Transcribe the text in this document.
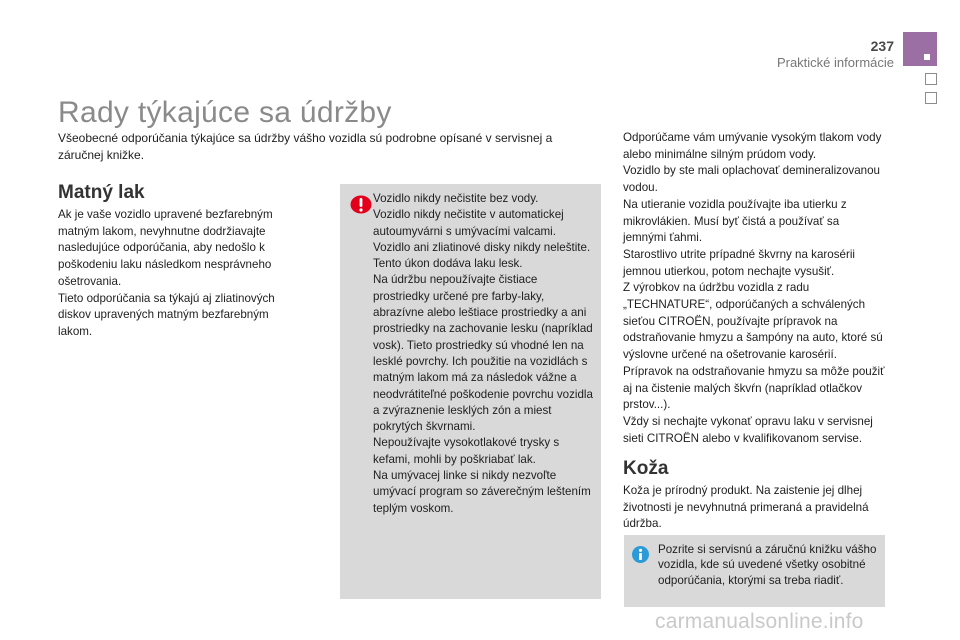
237
Praktické informácie
Rady týkajúce sa údržby

Všeobecné odporúčania týkajúce sa údržby vášho vozidla sú podrobne opísané v servisnej a záručnej knižke.

Matný lak

Ak je vaše vozidlo upravené bezfarebným matným lakom, nevyhnutne dodržiavajte nasledujúce odporúčania, aby nedošlo k poškodeniu laku následkom nesprávneho ošetrovania.
Tieto odporúčania sa týkajú aj zliatinových diskov upravených matným bezfarebným lakom.

Vozidlo nikdy nečistite bez vody.
Vozidlo nikdy nečistite v automatickej autoumyvárni s umývacími valcami.
Vozidlo ani zliatinové disky nikdy neleštite. Tento úkon dodáva laku lesk.
Na údržbu nepoužívajte čistiace prostriedky určené pre farby-laky, abrazívne alebo leštiace prostriedky a ani prostriedky na zachovanie lesku (napríklad vosk). Tieto prostriedky sú vhodné len na lesklé povrchy. Ich použitie na vozidlách s matným lakom má za následok vážne a neodvrátiteľné poškodenie povrchu vozidla a zvýraznenie lesklých zón a miest pokrytých škvrnami.
Nepoužívajte vysokotlakové trysky s kefami, mohli by poškriabať lak.
Na umývacej linke si nikdy nezvoľte umývací program so záverečným leštením teplým voskom.

Odporúčame vám umývanie vysokým tlakom vody alebo minimálne silným prúdom vody.
Vozidlo by ste mali oplachovať demineralizovanou vodou.
Na utieranie vozidla používajte iba utierku z mikrovlákien. Musí byť čistá a používať sa jemnými ťahmi.
Starostlivo utrite prípadné škvrny na karosérii jemnou utierkou, potom nechajte vysušiť.
Z výrobkov na údržbu vozidla z radu „TECHNATURE“, odporúčaných a schválených sieťou CITROËN, používajte prípravok na odstraňovanie hmyzu a šampóny na auto, ktoré sú výslovne určené na ošetrovanie karosérií.
Prípravok na odstraňovanie hmyzu sa môže použiť aj na čistenie malých škvŕn (napríklad otlačkov prstov...).
Vždy si nechajte vykonať opravu laku v servisnej sieti CITROËN alebo v kvalifikovanom servise.

Koža

Koža je prírodný produkt. Na zaistenie jej dlhej životnosti je nevyhnutná primeraná a pravidelná údržba.

Pozrite si servisnú a záručnú knižku vášho vozidla, kde sú uvedené všetky osobitné odporúčania, ktorými sa treba riadiť.

carmanualsonline.info
